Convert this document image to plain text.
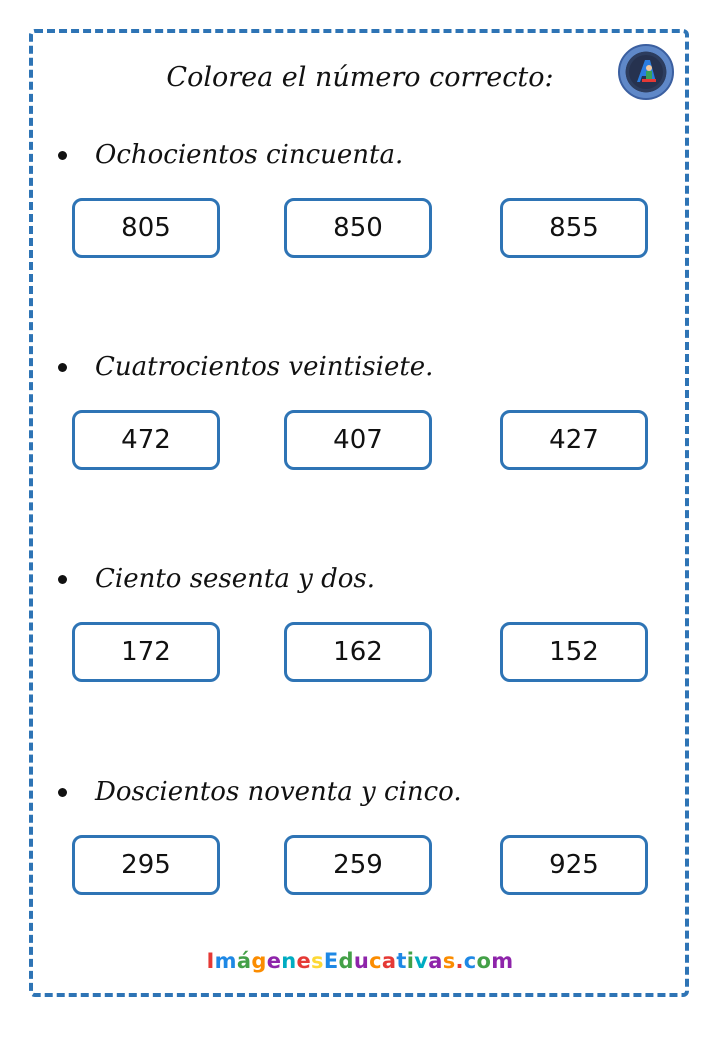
Colorea el número correcto:
Ochocientos cincuenta.
805	850	855
Cuatrocientos veintisiete.
472	407	427
Ciento sesenta y dos.
172	162	152
Doscientos noventa y cinco.
295	259	925
ImágenesEducativas.com
